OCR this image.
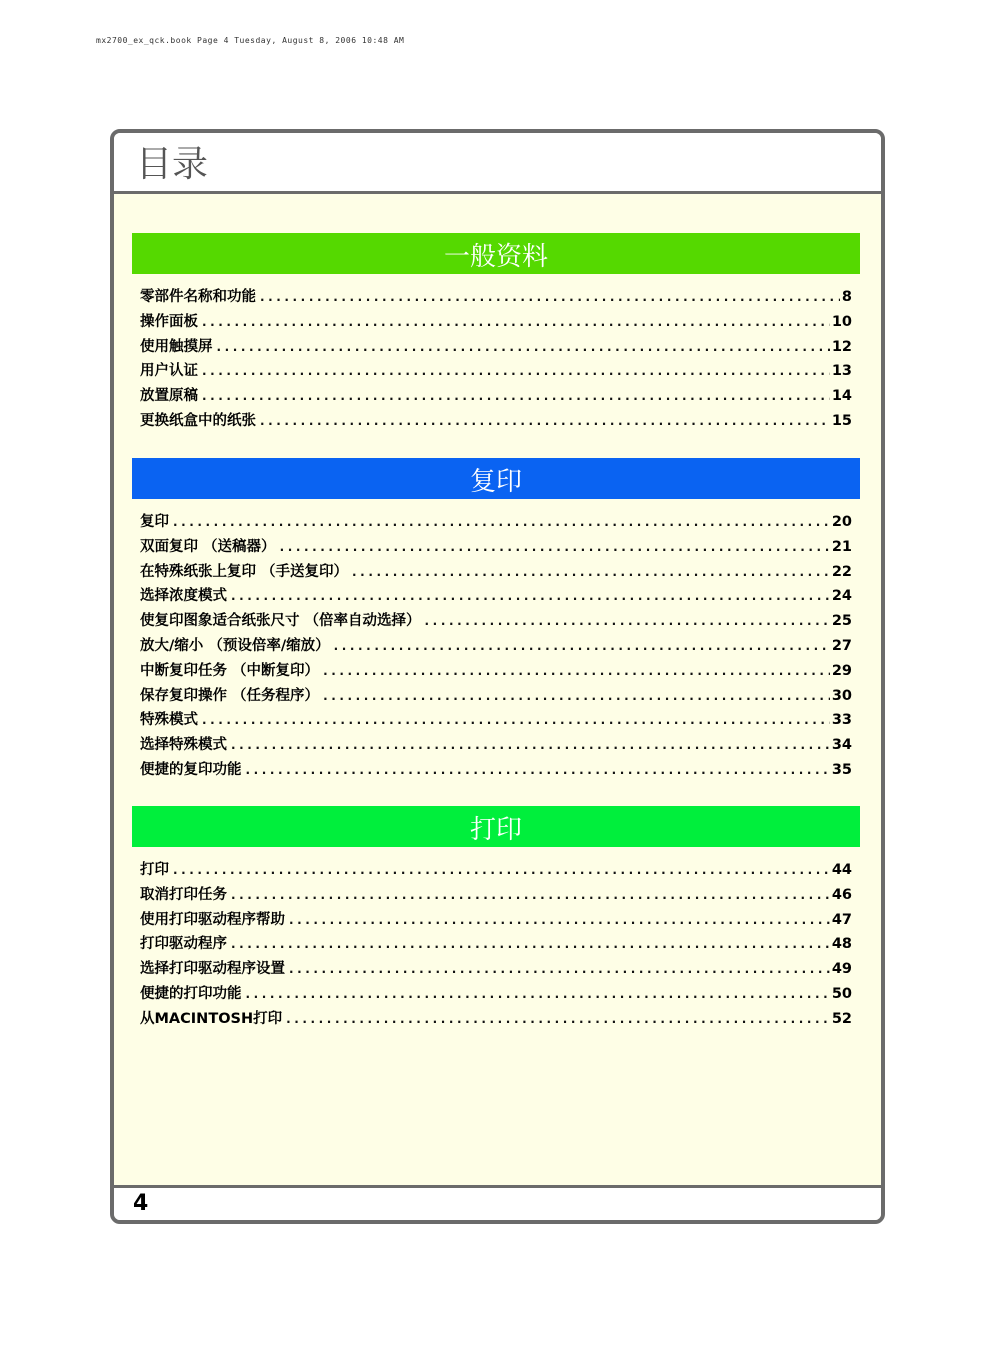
mx2700_ex_qck.book Page 4 Tuesday, August 8, 2006 10:48 AM
目录
一般资料
零部件名称和功能 . . .	8
操作面板 . . .	10
使用触摸屏 . . .	12
用户认证 . . .	13
放置原稿 . . .	14
更换纸盒中的纸张 . . .	15
复印
复印 . . .	20
双面复印 （送稿器） . . .	21
在特殊纸张上复印 （手送复印） . . .	22
选择浓度模式 . . .	24
使复印图象适合纸张尺寸 （倍率自动选择） . . .	25
放大/缩小 （预设倍率/缩放） . . .	27
中断复印任务 （中断复印） . . .	29
保存复印操作 （任务程序） . . .	30
特殊模式 . . .	33
选择特殊模式 . . .	34
便捷的复印功能 . . .	35
打印
打印 . . .	44
取消打印任务 . . .	46
使用打印驱动程序帮助 . . .	47
打印驱动程序 . . .	48
选择打印驱动程序设置 . . .	49
便捷的打印功能 . . .	50
从MACINTOSH打印 . . .	52
4
